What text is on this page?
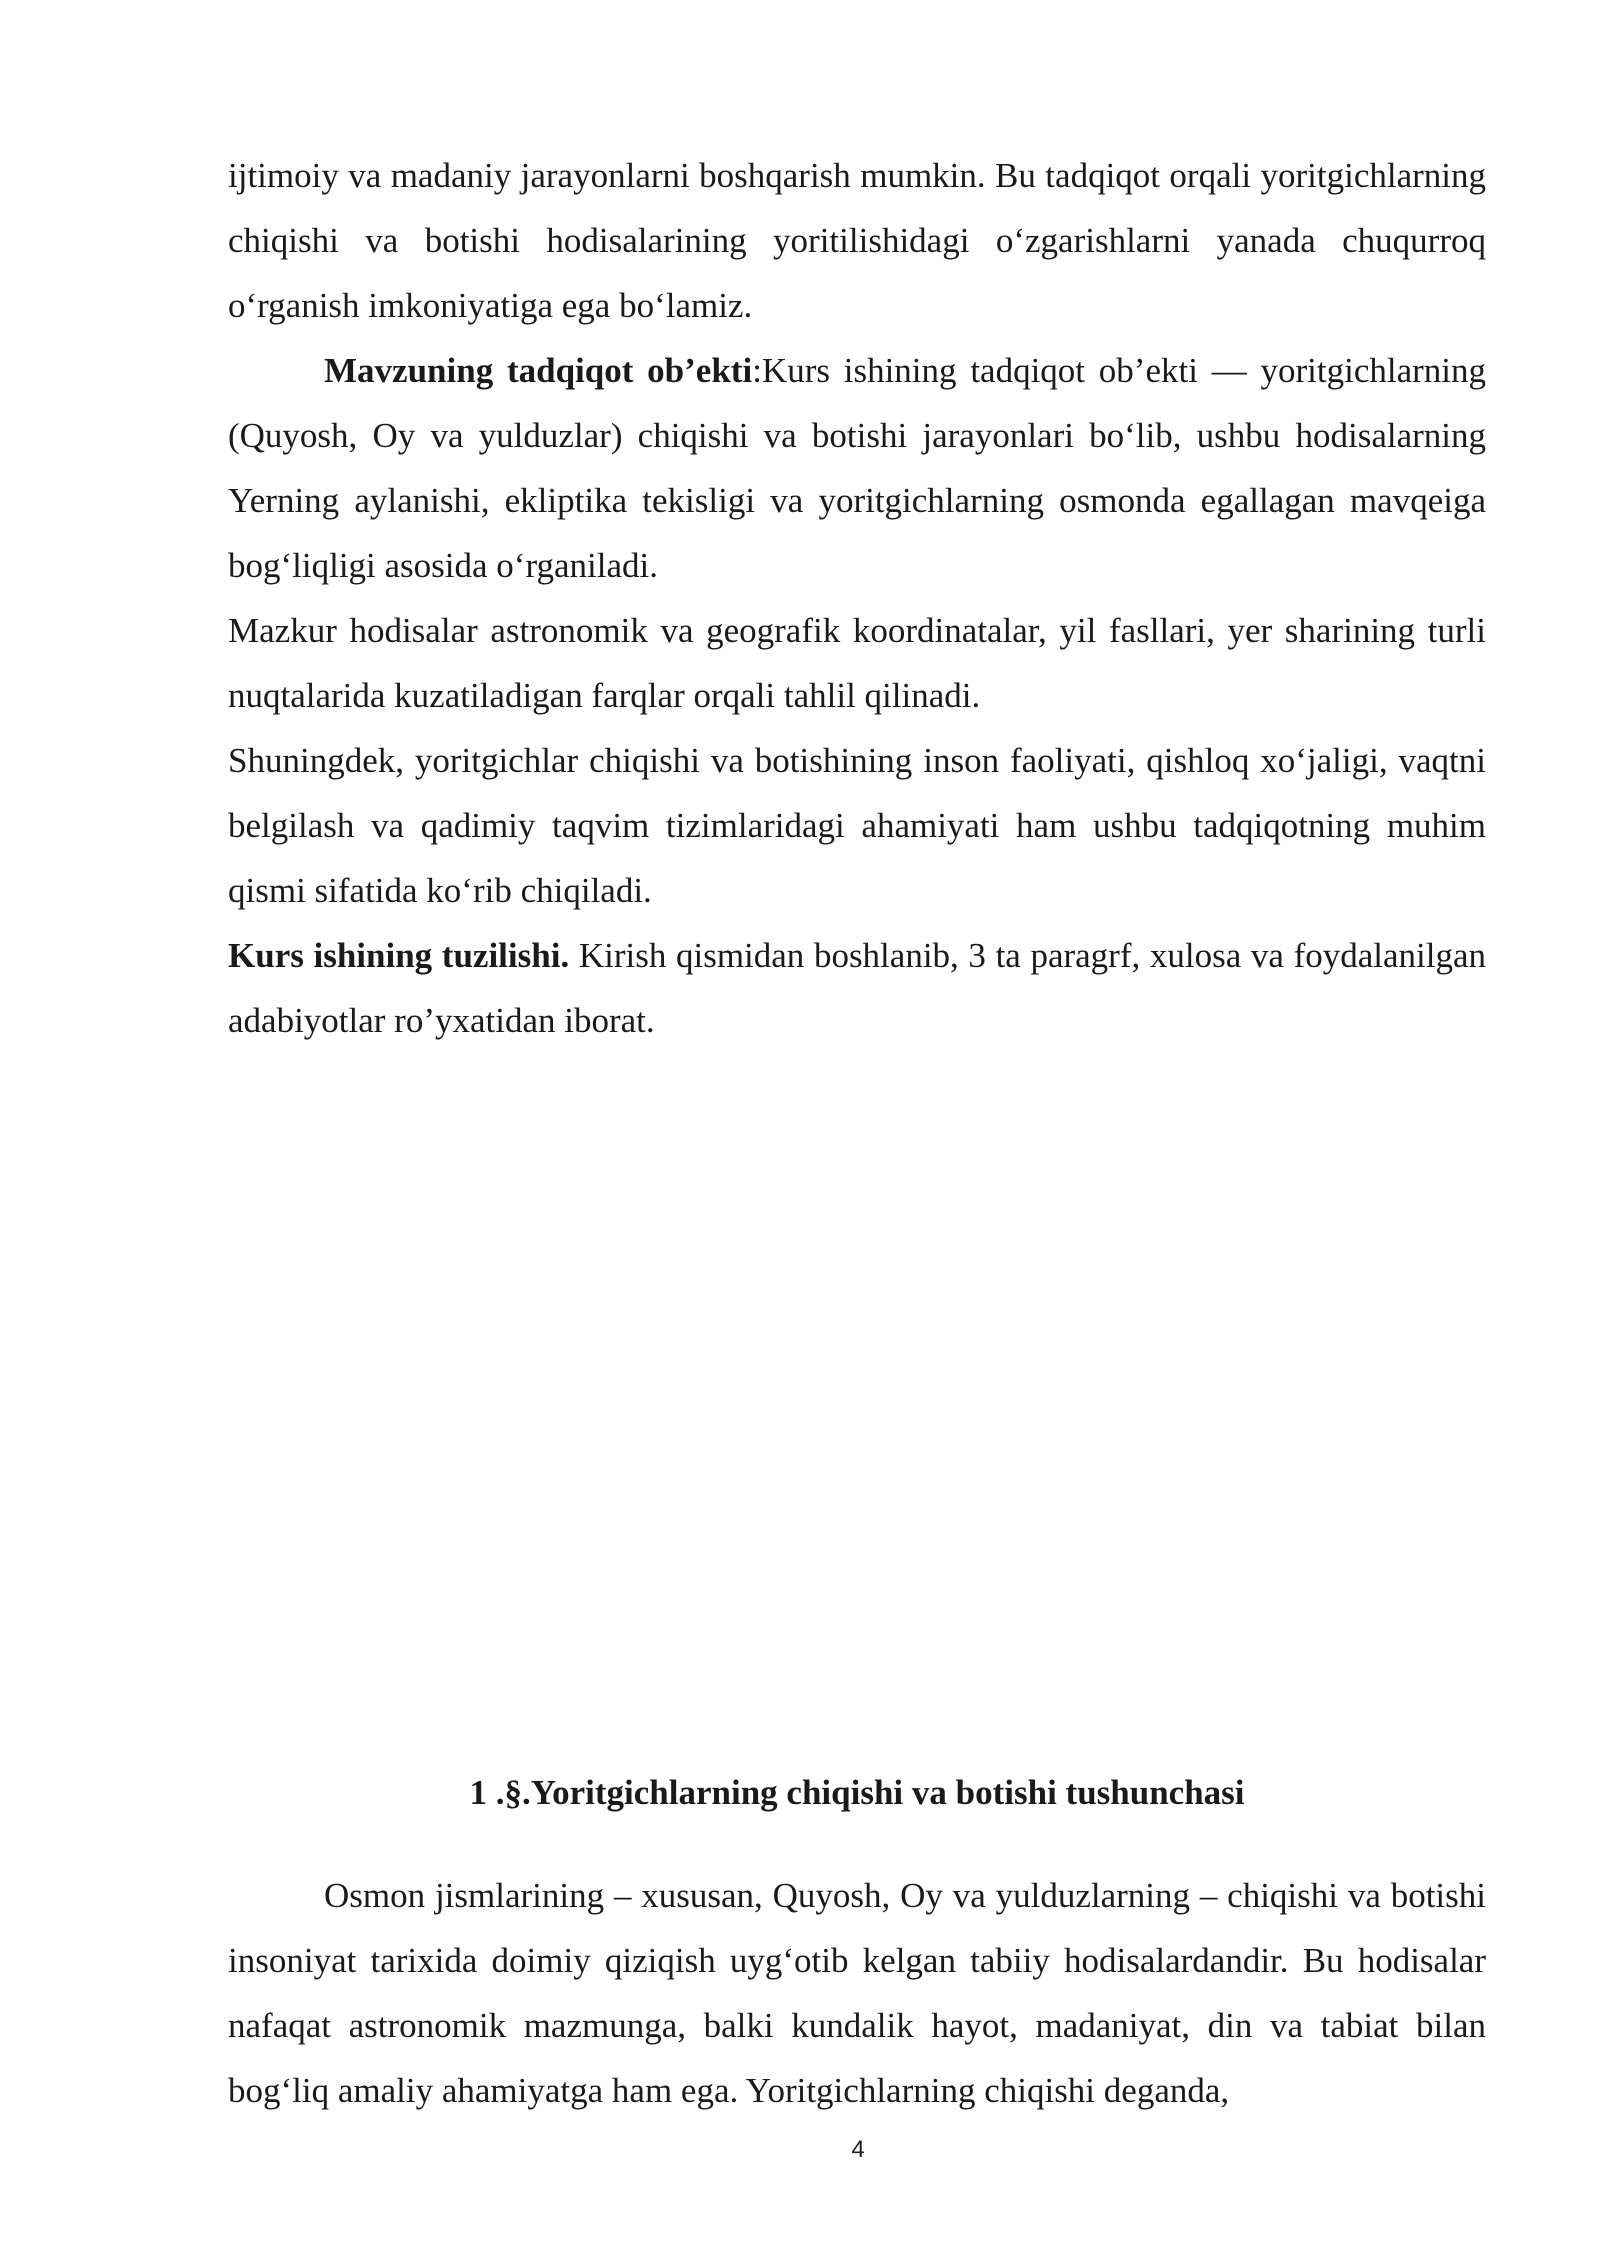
ijtimoiy va madaniy jarayonlarni boshqarish mumkin. Bu tadqiqot orqali yoritgichlarning chiqishi va botishi hodisalarining yoritilishidagi o‘zgarishlarni yanada chuqurroq o‘rganish imkoniyatiga ega bo‘lamiz.

Mavzuning tadqiqot ob’ekti:Kurs ishining tadqiqot ob’ekti — yoritgichlarning (Quyosh, Oy va yulduzlar) chiqishi va botishi jarayonlari bo‘lib, ushbu hodisalarning Yerning aylanishi, ekliptika tekisligi va yoritgichlarning osmonda egallagan mavqeiga bog‘liqligi asosida o‘rganiladi.

Mazkur hodisalar astronomik va geografik koordinatalar, yil fasllari, yer sharining turli nuqtalarida kuzatiladigan farqlar orqali tahlil qilinadi.

Shuningdek, yoritgichlar chiqishi va botishining inson faoliyati, qishloq xo‘jaligi, vaqtni belgilash va qadimiy taqvim tizimlaridagi ahamiyati ham ushbu tadqiqotning muhim qismi sifatida ko‘rib chiqiladi.

Kurs ishining tuzilishi. Kirish qismidan boshlanib, 3 ta paragrf, xulosa va foydalanilgan adabiyotlar ro’yxatidan iborat.

1 .§.Yoritgichlarning chiqishi va botishi tushunchasi

Osmon jismlarining – xususan, Quyosh, Oy va yulduzlarning – chiqishi va botishi insoniyat tarixida doimiy qiziqish uyg‘otib kelgan tabiiy hodisalardandir. Bu hodisalar nafaqat astronomik mazmunga, balki kundalik hayot, madaniyat, din va tabiat bilan bog‘liq amaliy ahamiyatga ham ega. Yoritgichlarning chiqishi deganda,

4
